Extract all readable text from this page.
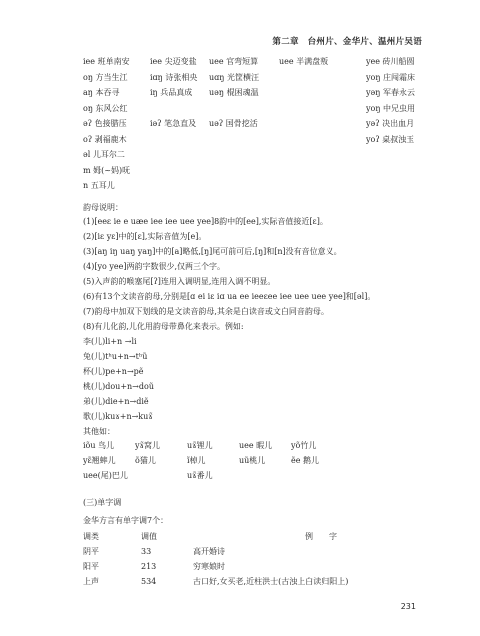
第二章　台州片、金华片、温州片吴语
iee 班单南安	iee 尖迈变盐 uee 官弯短算	uee 半满盘叛	yee 砖川船圆
oŋ 方当生江	iɑŋ 诗张相央 uɑŋ 光筐横汪	yoŋ 庄闯霜床
aŋ 本吞寻	iŋ 兵品真成 uəŋ 棍困魂温	yəŋ 军春永云
oŋ 东风公红	yoŋ 中兄虫用
əʔ 色接腊压	iəʔ 笔急直及 uəʔ 国骨挖活	yəʔ 决出血月
oʔ 剥福鹿木	yoʔ 桌叔浊玉
əl 儿耳尔二
m 姆(~妈)呒
n 五耳儿
韵母说明：
(1)[eeɛ ie e uæe iee iee uee yee]8韵中的[ee],实际音值接近[ɛ]。
(2)[iɛ yɛ]中的[ɛ],实际音值为[e]。
(3)[aŋ iŋ uaŋ yaŋ]中的[a]略低,[ŋ]尾可前可后,[ŋ]和[n]没有音位意义。
(4)[yo yee]两韵字数很少,仅两三个字。
(5)入声韵的喉塞尾[ʔ]连用入调明显,连用入调不明显。
(6)有13个文读音韵母,分别是[ɑ ei iɛ iɑ ua ee ieeɛee iee uee uee yee]和[əl]。
(7)韵母中加双下划线的是文读音韵母,其余是白读音或文白同音韵母。
(8)有儿化韵,儿化用韵母带鼻化来表示。例如:
李(儿)li+n →li
兔(儿)tʰu+n→tʰũ
杯(儿)pe+n→pẽ
桃(儿)dou+n→doũ
弟(儿)die+n→diẽ
歌(儿)kuɤ+n→kuɤ̃
其他如：
iõu 鸟儿	yɤ̃窝儿	uɤ̃锂儿	uee 暇儿	yõ竹儿
yɛ̃翘蟀儿	õ猫儿	ĩ棹儿	uũ桃儿	ẽe 鹅儿
uee(尾)巴儿	uɤ̃番儿
(三)单字调
金华方言有单字调7个：
调类	调值	例　　字
阴平	33	高开婚诗
阳平	213	穷寒娘时
上声	534	古口好,女买老,近柱洪士(古浊上白读归阳上)
231
